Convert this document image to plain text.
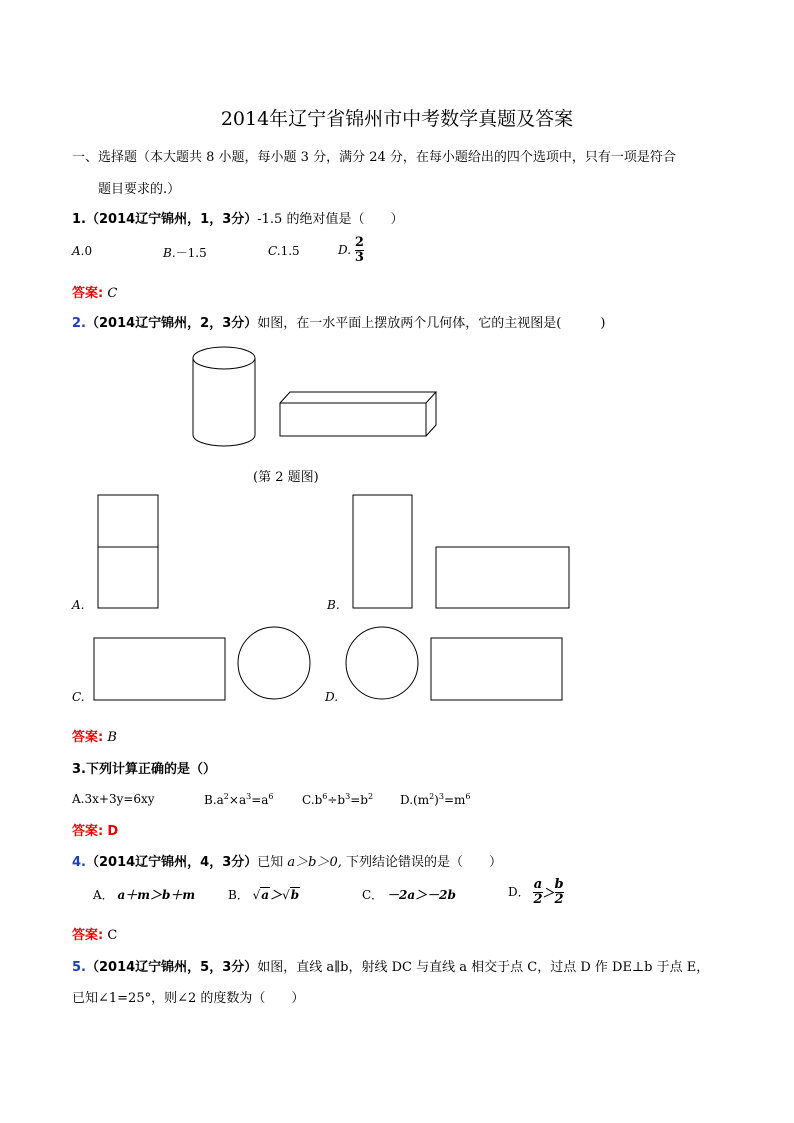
2014年辽宁省锦州市中考数学真题及答案
一、选择题（本大题共 8 小题，每小题 3 分，满分 24 分，在每小题给出的四个选项中，只有一项是符合
题目要求的.）
1.（2014辽宁锦州，1，3分）-1.5 的绝对值是（　　）
A.0	B.－1.5	C.1.5	D. $\frac{2}{3}$
答案: C
2.（2014辽宁锦州，2，3分）如图，在一水平面上摆放两个几何体，它的主视图是(　　　)
(第 2 题图)
A.	B.
C.	D.
答案: B
3.下列计算正确的是（）
A.3x+3y=6xy	$B.a^2\times a^3=a^6$ $C.b^6\div b^3=b^2$ $D.(m^2)^3=m^6$
答案: D
4.（2014辽宁锦州，4，3分）已知 a＞b＞0, 下列结论错误的是（　　）
A． a＋m＞b＋m	B． √a＞√b	C． －2a＞－2b	D． $\frac{a}{2} > \frac{b}{2}$
答案: C
5.（2014辽宁锦州，5，3分）如图，直线 a∥b，射线 DC 与直线 a 相交于点 C，过点 D 作 DE⊥b 于点 E，
已知∠1=25°，则∠2 的度数为（　　）
